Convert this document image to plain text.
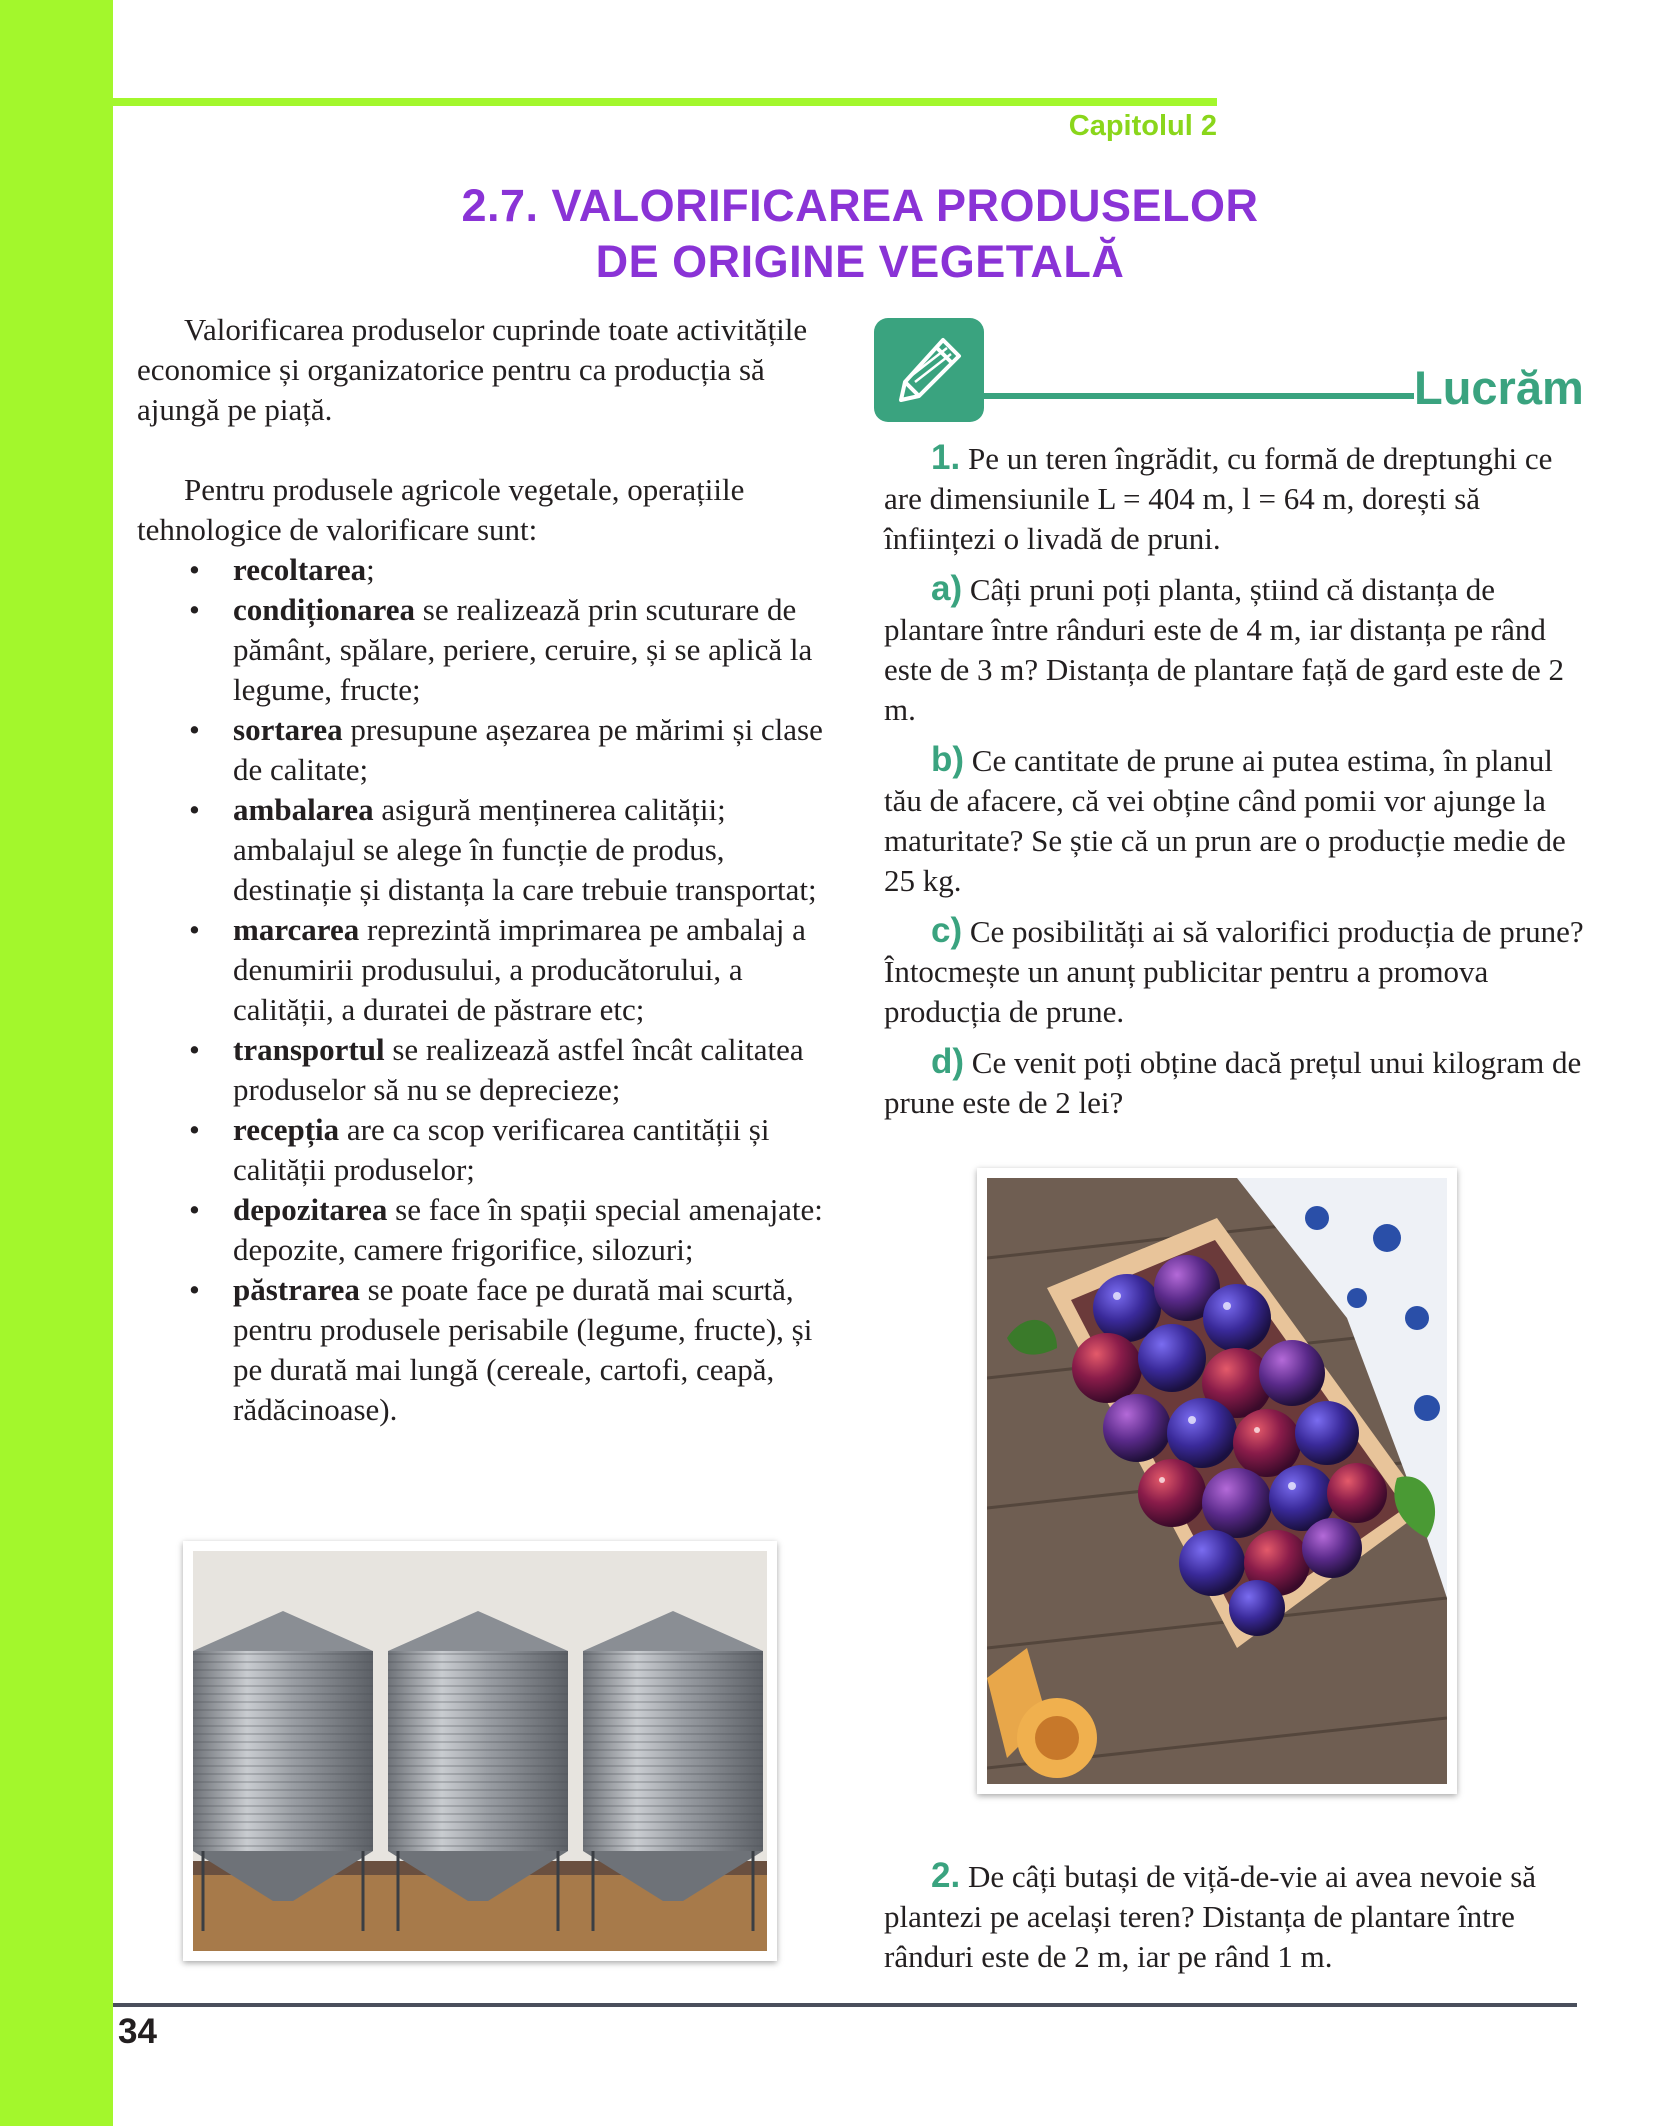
Capitolul 2
2.7. VALORIFICAREA PRODUSELOR
DE ORIGINE VEGETALĂ

Valorificarea produselor cuprinde toate activitățile economice și organizatorice pentru ca producția să ajungă pe piață.

Pentru produsele agricole vegetale, operațiile tehnologice de valorificare sunt:

• recoltarea;
• condiționarea se realizează prin scuturare de pământ, spălare, periere, ceruire, și se aplică la legume, fructe;
• sortarea presupune așezarea pe mărimi și clase de calitate;
• ambalarea asigură menținerea calității; ambalajul se alege în funcție de produs, destinație și distanța la care trebuie transportat;
• marcarea reprezintă imprimarea pe ambalaj a denumirii produsului, a producătorului, a calității, a duratei de păstrare etc;
• transportul se realizează astfel încât calitatea produselor să nu se deprecieze;
• recepția are ca scop verificarea cantității și calității produselor;
• depozitarea se face în spații special amenajate: depozite, camere frigorifice, silozuri;
• păstrarea se poate face pe durată mai scurtă, pentru produsele perisabile (legume, fructe), și pe durată mai lungă (cereale, cartofi, ceapă, rădăcinoase).
Lucrăm

1. Pe un teren îngrădit, cu formă de dreptunghi ce are dimensiunile L = 404 m, l = 64 m, dorești să înființezi o livadă de pruni.

a) Câți pruni poți planta, știind că distanța de plantare între rânduri este de 4 m, iar distanța pe rând este de 3 m? Distanța de plantare față de gard este de 2 m.

b) Ce cantitate de prune ai putea estima, în planul tău de afacere, că vei obține când pomii vor ajunge la maturitate? Se știe că un prun are o producție medie de 25 kg.

c) Ce posibilități ai să valorifici producția de prune? Întocmește un anunț publicitar pentru a promova producția de prune.

d) Ce venit poți obține dacă prețul unui kilogram de prune este de 2 lei?

2. De câți butași de viță-de-vie ai avea nevoie să plantezi pe același teren? Distanța de plantare între rânduri este de 2 m, iar pe rând 1 m.

34
